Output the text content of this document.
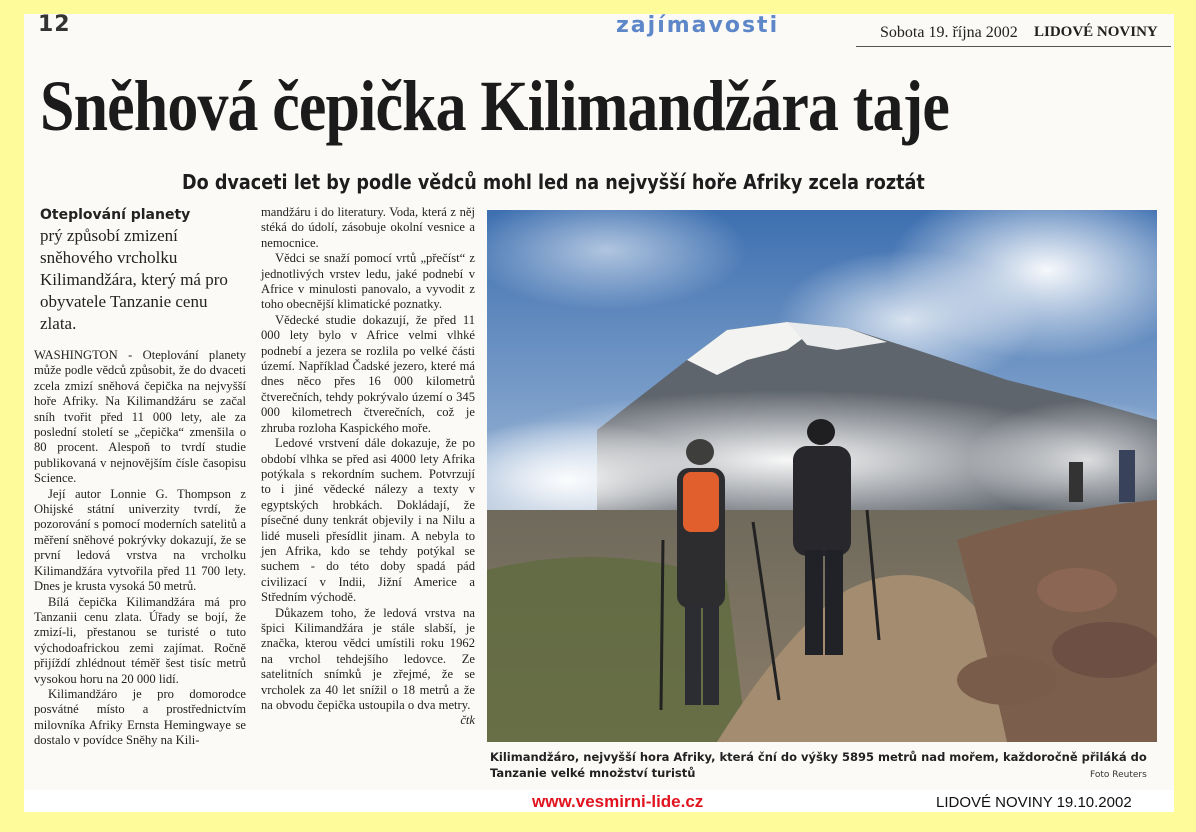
12	zajímavosti	Sobota 19. října 2002 LIDOVÉ NOVINY
Sněhová čepička Kilimandžára taje
Do dvaceti let by podle vědců mohl led na nejvyšší hoře Afriky zcela roztát
Oteplování planety
prý způsobí zmizení sněhového vrcholku Kilimandžára, který má pro obyvatele Tanzanie cenu zlata.

WASHINGTON - Oteplování planety může podle vědců způsobit, že do dvaceti zcela zmizí sněhová čepička na nejvyšší hoře Afriky. Na Kilimandžáru se začal sníh tvořit před 11 000 lety, ale za poslední století se „čepička“ zmenšila o 80 procent. Alespoň to tvrdí studie publikovaná v nejnovějším čísle časopisu Science.

Její autor Lonnie G. Thompson z Ohijské státní univerzity tvrdí, že pozorování s pomocí moderních satelitů a měření sněhové pokrývky dokazují, že se první ledová vrstva na vrcholku Kilimandžára vytvořila před 11 700 lety. Dnes je krusta vysoká 50 metrů.

Bílá čepička Kilimandžára má pro Tanzanii cenu zlata. Úřady se bojí, že zmizí-li, přestanou se turisté o tuto východoafrickou zemi zajímat. Ročně přijíždí zhlédnout téměř šest tisíc metrů vysokou horu na 20 000 lidí.

Kilimandžáro je pro domorodce posvátné místo a prostřednictvím milovníka Afriky Ernsta Hemingwaye se dostalo v povídce Sněhy na Kili-

mandžáru i do literatury. Voda, která z něj stéká do údolí, zásobuje okolní vesnice a nemocnice.

Vědci se snaží pomocí vrtů „přečíst“ z jednotlivých vrstev ledu, jaké podnebí v Africe v minulosti panovalo, a vyvodit z toho obecnější klimatické poznatky.

Vědecké studie dokazují, že před 11 000 lety bylo v Africe velmi vlhké podnebí a jezera se rozlila po velké části území. Například Čadské jezero, které má dnes něco přes 16 000 kilometrů čtverečních, tehdy pokrývalo území o 345 000 kilometrech čtverečních, což je zhruba rozloha Kaspického moře.

Ledové vrstvení dále dokazuje, že po období vlhka se před asi 4000 lety Afrika potýkala s rekordním suchem. Potvrzují to i jiné vědecké nálezy a texty v egyptských hrobkách. Dokládají, že písečné duny tenkrát objevily i na Nilu a lidé museli přesídlit jinam. A nebyla to jen Afrika, kdo se tehdy potýkal se suchem - do této doby spadá pád civilizací v Indii, Jižní Americe a Středním východě.

Důkazem toho, že ledová vrstva na špici Kilimandžára je stále slabší, je značka, kterou vědci umístili roku 1962 na vrchol tehdejšího ledovce. Ze satelitních snímků je zřejmé, že se vrcholek za 40 let snížil o 18 metrů a že na obvodu čepička ustoupila o dva metry.

čtk
Kilimandžáro, nejvyšší hora Afriky, která ční do výšky 5895 metrů nad mořem, každoročně přiláká do Tanzanie velké množství turistů	Foto Reuters
www.vesmirni-lide.cz	LIDOVÉ NOVINY 19.10.2002
